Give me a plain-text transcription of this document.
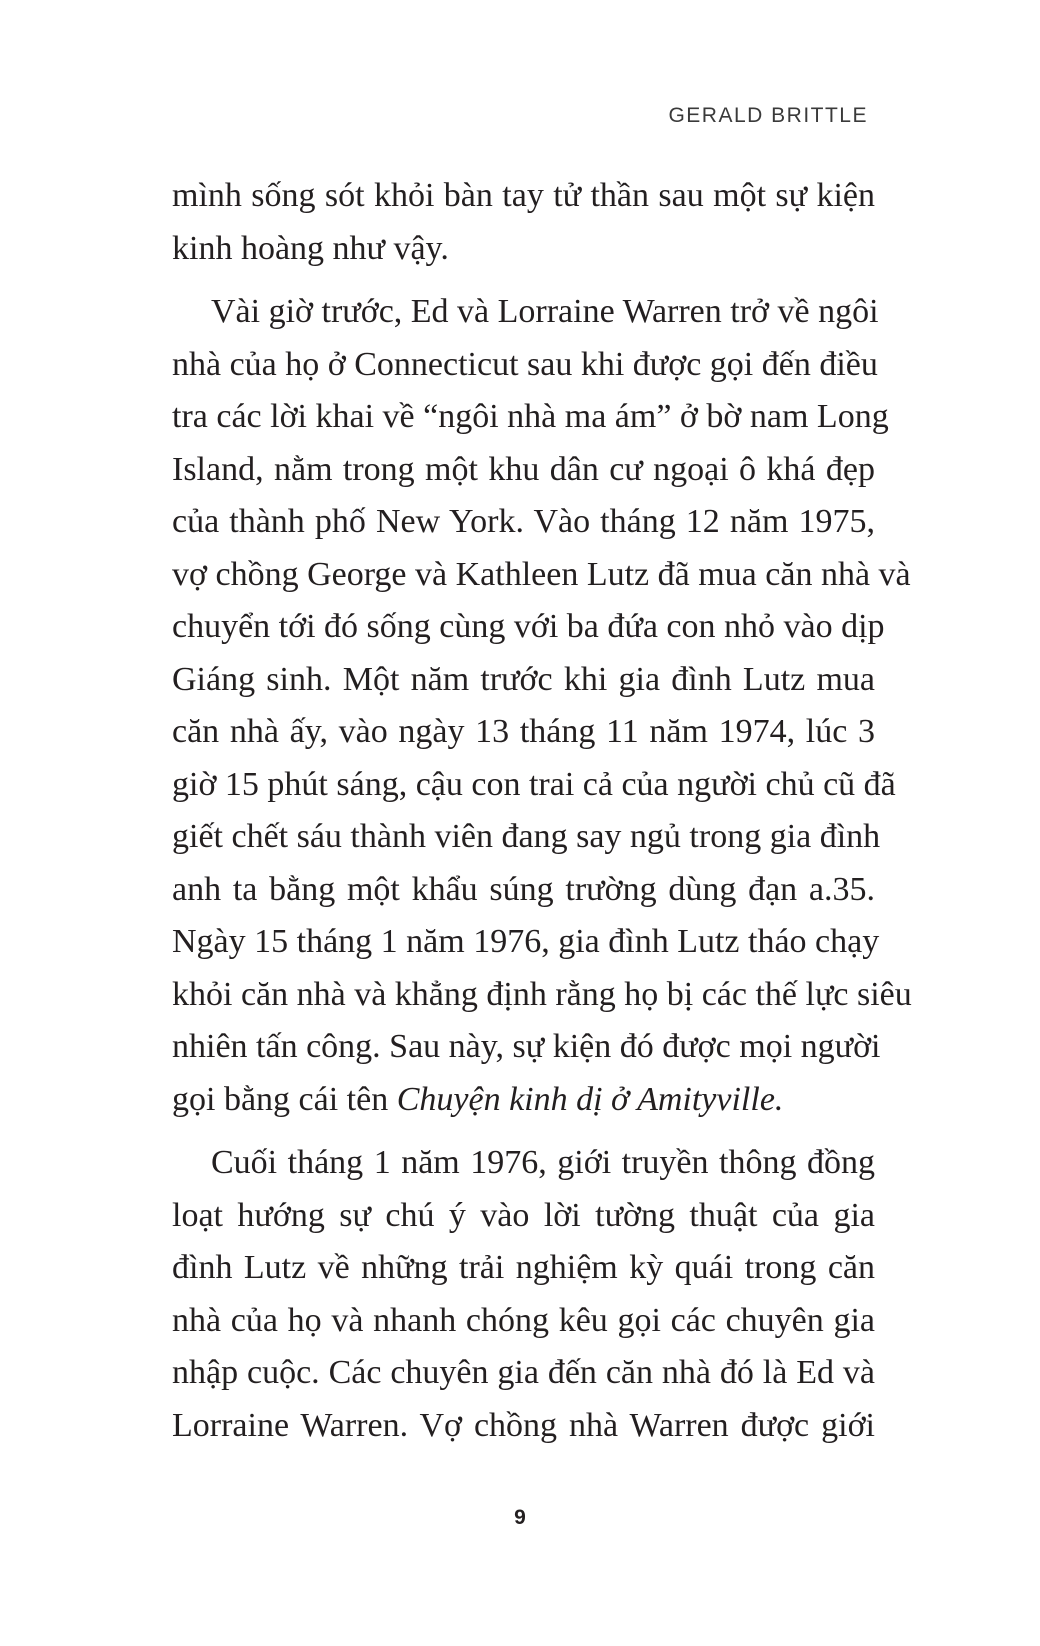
GERALD BRITTLE
mình sống sót khỏi bàn tay tử thần sau một sự kiện
kinh hoàng như vậy.
Vài giờ trước, Ed và Lorraine Warren trở về ngôi
nhà của họ ở Connecticut sau khi được gọi đến điều
tra các lời khai về “ngôi nhà ma ám” ở bờ nam Long
Island, nằm trong một khu dân cư ngoại ô khá đẹp
của thành phố New York. Vào tháng 12 năm 1975,
vợ chồng George và Kathleen Lutz đã mua căn nhà và
chuyển tới đó sống cùng với ba đứa con nhỏ vào dịp
Giáng sinh. Một năm trước khi gia đình Lutz mua
căn nhà ấy, vào ngày 13 tháng 11 năm 1974, lúc 3
giờ 15 phút sáng, cậu con trai cả của người chủ cũ đã
giết chết sáu thành viên đang say ngủ trong gia đình
anh ta bằng một khẩu súng trường dùng đạn a.35.
Ngày 15 tháng 1 năm 1976, gia đình Lutz tháo chạy
khỏi căn nhà và khẳng định rằng họ bị các thế lực siêu
nhiên tấn công. Sau này, sự kiện đó được mọi người
gọi bằng cái tên Chuyện kinh dị ở Amityville.
Cuối tháng 1 năm 1976, giới truyền thông đồng
loạt hướng sự chú ý vào lời tường thuật của gia
đình Lutz về những trải nghiệm kỳ quái trong căn
nhà của họ và nhanh chóng kêu gọi các chuyên gia
nhập cuộc. Các chuyên gia đến căn nhà đó là Ed và
Lorraine Warren. Vợ chồng nhà Warren được giới
9
